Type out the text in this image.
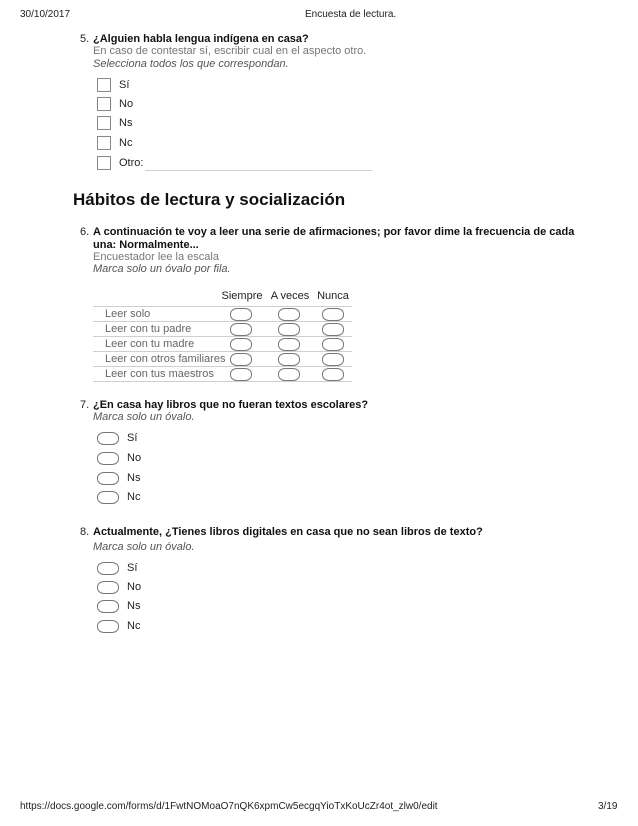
30/10/2017	Encuesta de lectura.
5. ¿Alguien habla lengua indígena en casa?
En caso de contestar sí, escribir cual en el aspecto otro.
Selecciona todos los que correspondan.
Sí
No
Ns
Nc
Otro:
Hábitos de lectura y socialización
6. A continuación te voy a leer una serie de afirmaciones; por favor dime la frecuencia de cada
una: Normalmente...
Encuestador lee la escala
Marca solo un óvalo por fila.
Siempre A veces Nunca
Leer solo
Leer con tu padre
Leer con tu madre
Leer con otros familiares
Leer con tus maestros
7. ¿En casa hay libros que no fueran textos escolares?
Marca solo un óvalo.
Sí
No
Ns
Nc
8. Actualmente, ¿Tienes libros digitales en casa que no sean libros de texto?
Marca solo un óvalo.
Sí
No
Ns
Nc
https://docs.google.com/forms/d/1FwtNOMoaO7nQK6xpmCw5ecgqYioTxKoUcZr4ot_zlw0/edit	3/19
